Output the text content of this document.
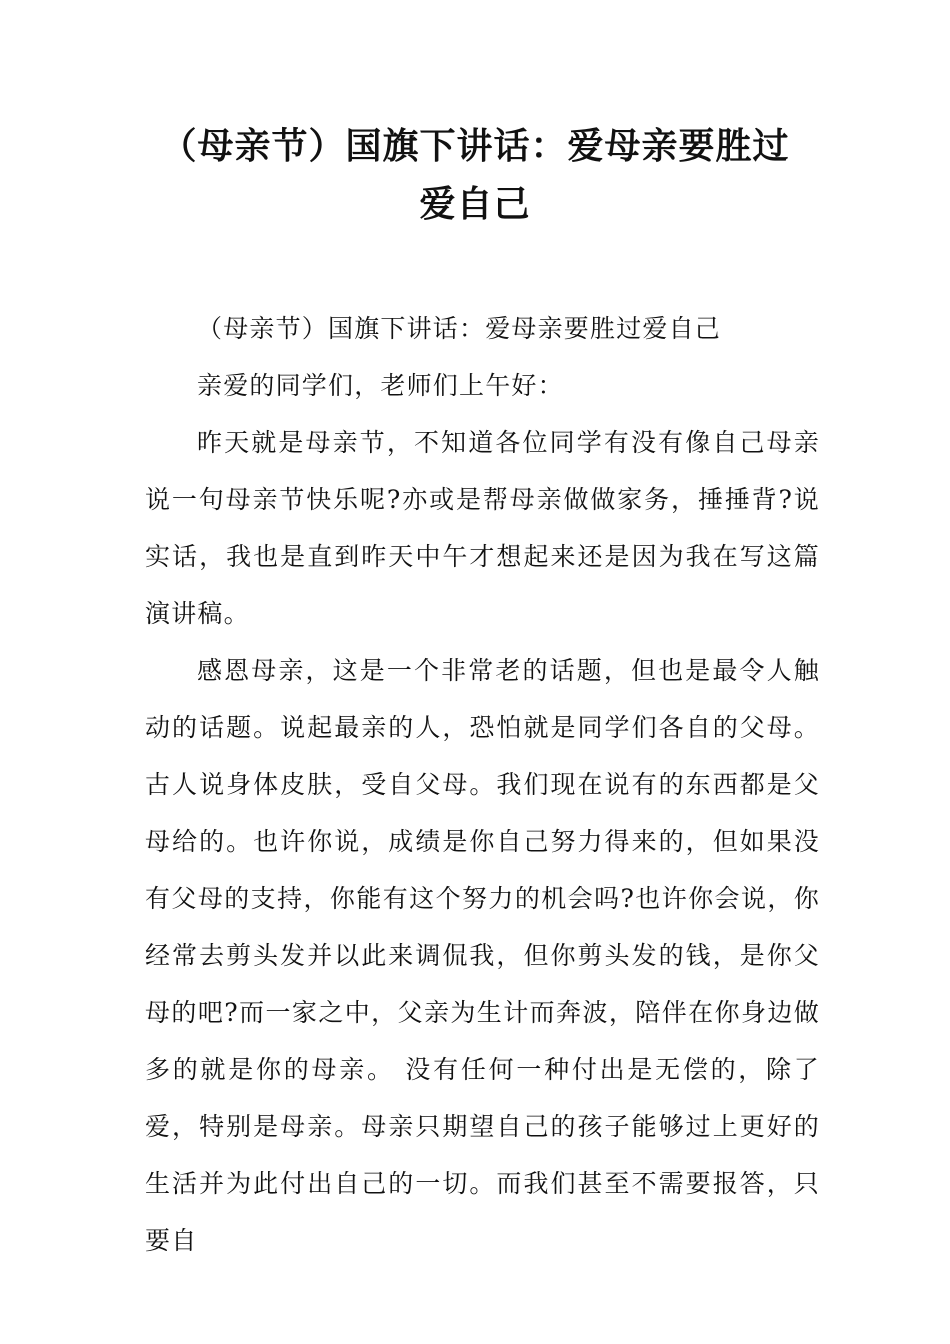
（母亲节）国旗下讲话：爱母亲要胜过
爱自己

（母亲节）国旗下讲话：爱母亲要胜过爱自己

亲爱的同学们，老师们上午好：

昨天就是母亲节，不知道各位同学有没有像自己母亲说一句母亲节快乐呢?亦或是帮母亲做做家务，捶捶背?说实话，我也是直到昨天中午才想起来还是因为我在写这篇演讲稿。

感恩母亲，这是一个非常老的话题，但也是最令人触动的话题。说起最亲的人，恐怕就是同学们各自的父母。古人说身体皮肤，受自父母。我们现在说有的东西都是父母给的。也许你说，成绩是你自己努力得来的，但如果没有父母的支持，你能有这个努力的机会吗?也许你会说，你经常去剪头发并以此来调侃我，但你剪头发的钱，是你父母的吧?而一家之中，父亲为生计而奔波，陪伴在你身边做多的就是你的母亲。 没有任何一种付出是无偿的，除了爱，特别是母亲。母亲只期望自己的孩子能够过上更好的生活并为此付出自己的一切。而我们甚至不需要报答，只要自
